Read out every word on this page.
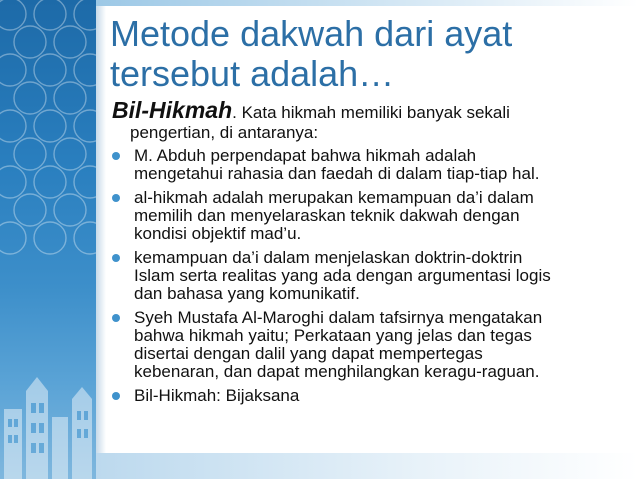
Metode dakwah dari ayat
tersebut adalah…

Bil-Hikmah. Kata hikmah memiliki banyak sekali
pengertian, di antaranya:

M. Abduh perpendapat bahwa hikmah adalah
mengetahui rahasia dan faedah di dalam tiap-tiap hal.
al-hikmah adalah merupakan kemampuan da’i dalam
memilih dan menyelaraskan teknik dakwah dengan
kondisi objektif mad’u.
kemampuan da’i dalam menjelaskan doktrin-doktrin
Islam serta realitas yang ada dengan argumentasi logis
dan bahasa yang komunikatif.
Syeh Mustafa Al-Maroghi dalam tafsirnya mengatakan
bahwa hikmah yaitu; Perkataan yang jelas dan tegas
disertai dengan dalil yang dapat mempertegas
kebenaran, dan dapat menghilangkan keragu-raguan.
Bil-Hikmah: Bijaksana
